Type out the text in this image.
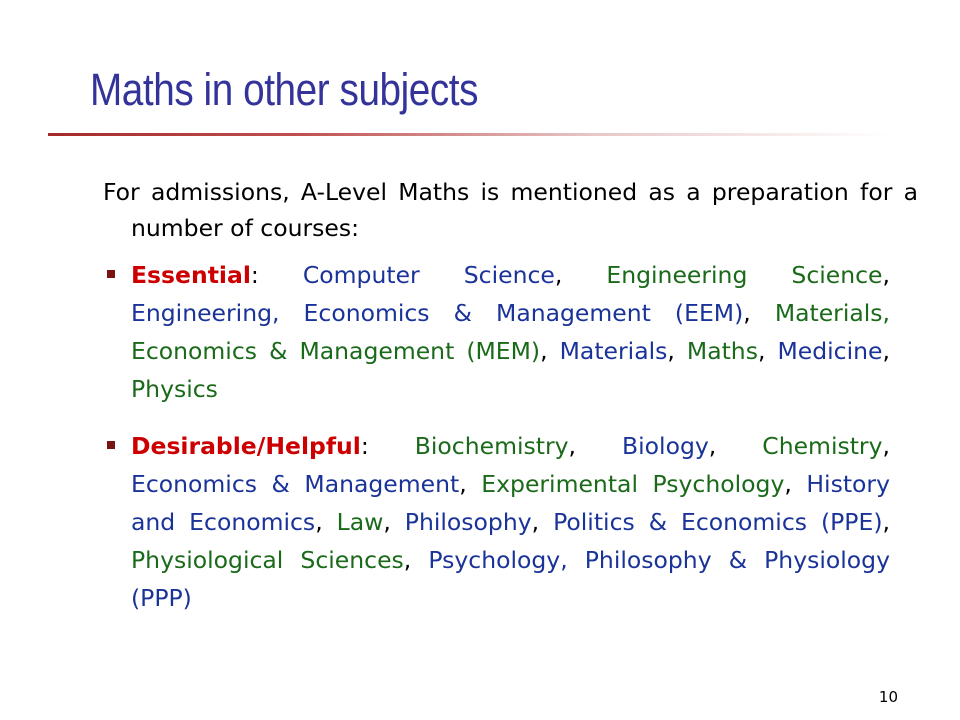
Maths in other subjects

For admissions, A-Level Maths is mentioned as a preparation for a number of courses:

Essential: Computer Science, Engineering Science, Engineering, Economics & Management (EEM), Materials, Economics & Management (MEM), Materials, Maths, Medicine, Physics
Desirable/Helpful: Biochemistry, Biology, Chemistry, Economics & Management, Experimental Psychology, History and Economics, Law, Philosophy, Politics & Economics (PPE), Physiological Sciences, Psychology, Philosophy & Physiology (PPP)
10
